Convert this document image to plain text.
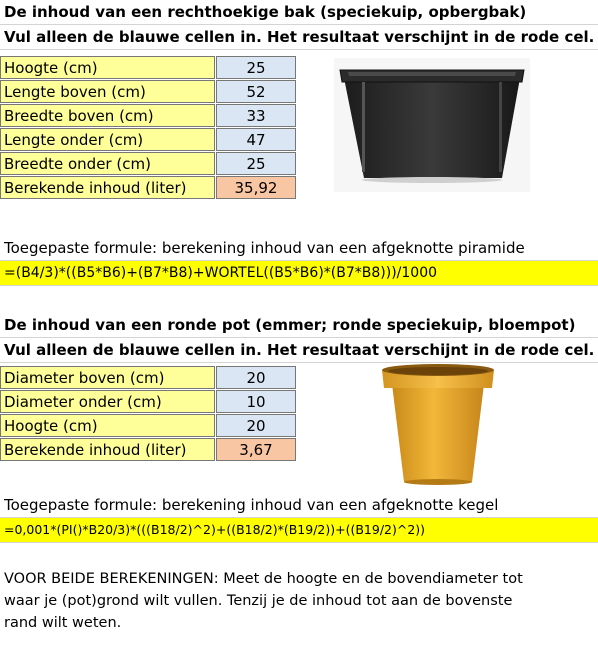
De inhoud van een rechthoekige bak (speciekuip, opbergbak)
Vul alleen de blauwe cellen in. Het resultaat verschijnt in de rode cel.
Hoogte (cm)	25
Lengte boven (cm)	52
Breedte boven (cm)	33
Lengte onder (cm)	47
Breedte onder (cm)	25
Berekende inhoud (liter)	35,92
Toegepaste formule: berekening inhoud van een afgeknotte piramide
=(B4/3)*((B5*B6)+(B7*B8)+WORTEL((B5*B6)*(B7*B8)))/1000
De inhoud van een ronde pot (emmer; ronde speciekuip, bloempot)
Vul alleen de blauwe cellen in. Het resultaat verschijnt in de rode cel.
Diameter boven (cm)	20
Diameter onder (cm)	10
Hoogte (cm)	20
Berekende inhoud (liter)	3,67
Toegepaste formule: berekening inhoud van een afgeknotte kegel
=0,001*(PI()*B20/3)*(((B18/2)^2)+((B18/2)*(B19/2))+((B19/2)^2))
VOOR BEIDE BEREKENINGEN: Meet de hoogte en de bovendiameter tot
waar je (pot)grond wilt vullen. Tenzij je de inhoud tot aan de bovenste
rand wilt weten.
